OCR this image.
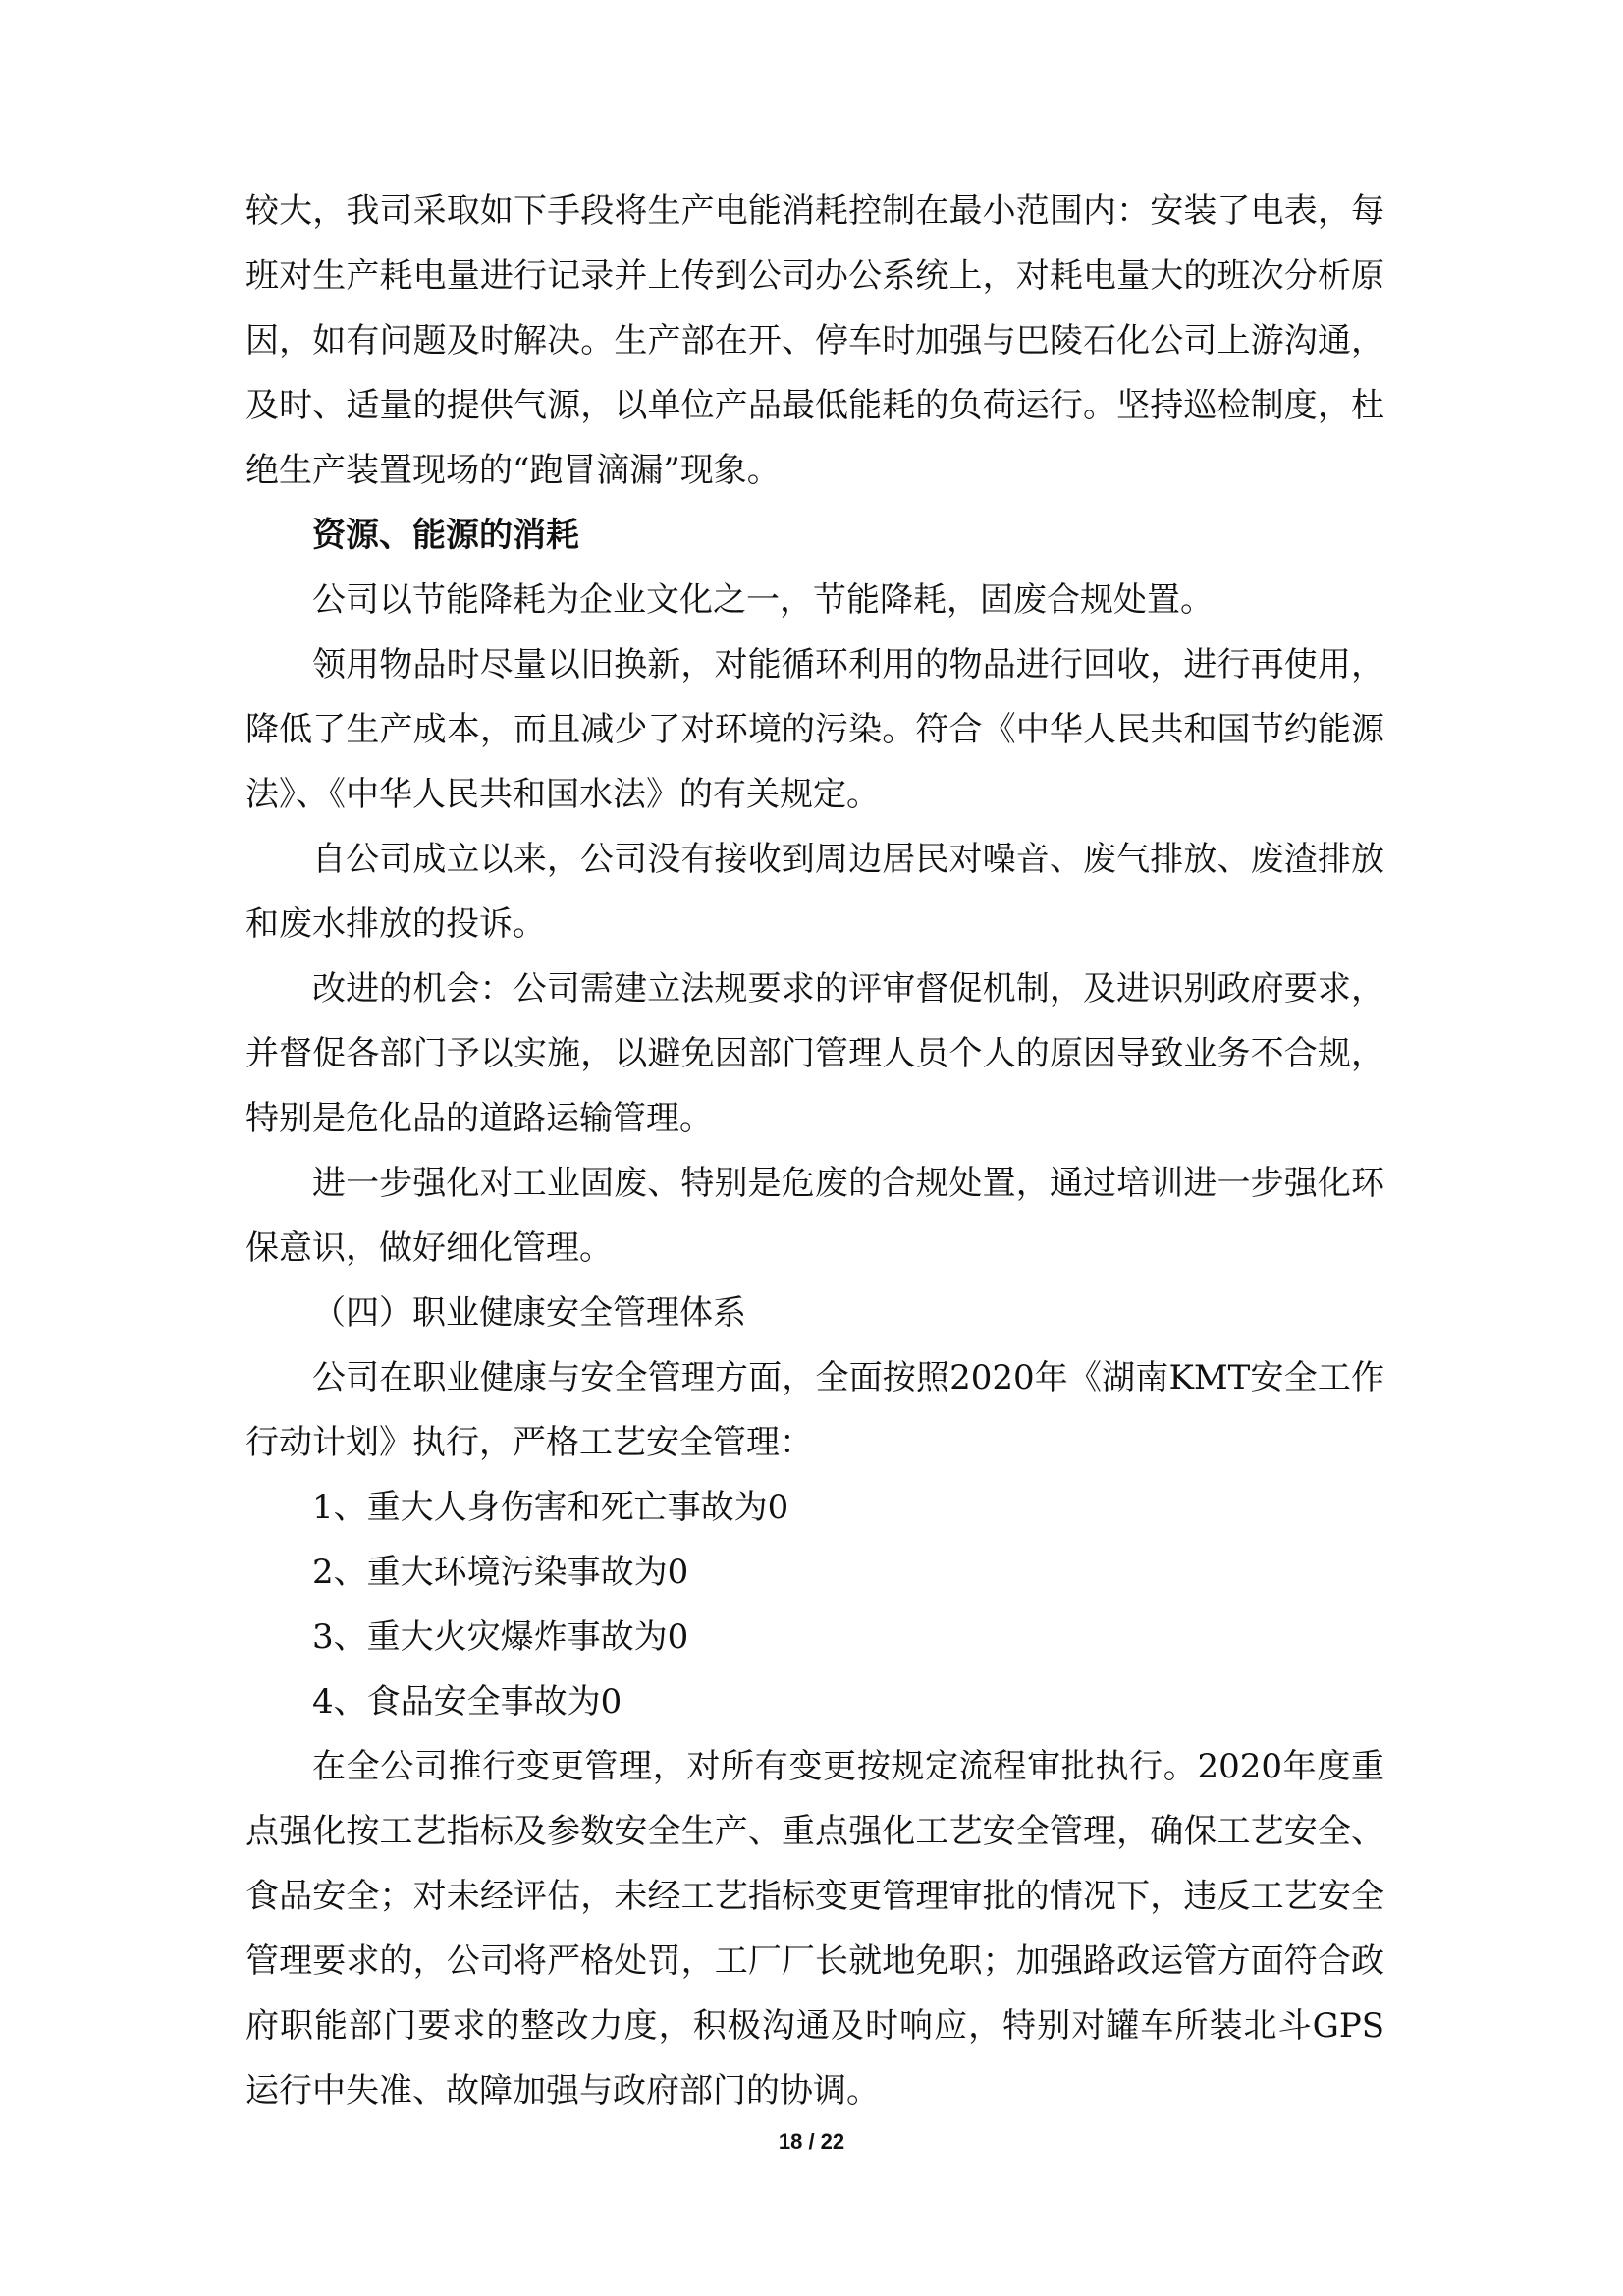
较大，我司采取如下手段将生产电能消耗控制在最小范围内：安装了电表，每班对生产耗电量进行记录并上传到公司办公系统上，对耗电量大的班次分析原因，如有问题及时解决。生产部在开、停车时加强与巴陵石化公司上游沟通，及时、适量的提供气源，以单位产品最低能耗的负荷运行。坚持巡检制度，杜绝生产装置现场的“跑冒滴漏”现象。

资源、能源的消耗

公司以节能降耗为企业文化之一，节能降耗，固废合规处置。

领用物品时尽量以旧换新，对能循环利用的物品进行回收，进行再使用，降低了生产成本，而且减少了对环境的污染。符合《中华人民共和国节约能源法》、《中华人民共和国水法》的有关规定。

自公司成立以来，公司没有接收到周边居民对噪音、废气排放、废渣排放和废水排放的投诉。

改进的机会：公司需建立法规要求的评审督促机制，及进识别政府要求，并督促各部门予以实施，以避免因部门管理人员个人的原因导致业务不合规，特别是危化品的道路运输管理。

进一步强化对工业固废、特别是危废的合规处置，通过培训进一步强化环保意识，做好细化管理。

（四）职业健康安全管理体系

公司在职业健康与安全管理方面，全面按照2020年《湖南KMT安全工作行动计划》执行，严格工艺安全管理：

1、重大人身伤害和死亡事故为0

2、重大环境污染事故为0

3、重大火灾爆炸事故为0

4、食品安全事故为0

在全公司推行变更管理，对所有变更按规定流程审批执行。2020年度重点强化按工艺指标及参数安全生产、重点强化工艺安全管理，确保工艺安全、食品安全；对未经评估，未经工艺指标变更管理审批的情况下，违反工艺安全管理要求的，公司将严格处罚，工厂厂长就地免职；加强路政运管方面符合政府职能部门要求的整改力度，积极沟通及时响应，特别对罐车所装北斗GPS运行中失准、故障加强与政府部门的协调。

18 / 22
